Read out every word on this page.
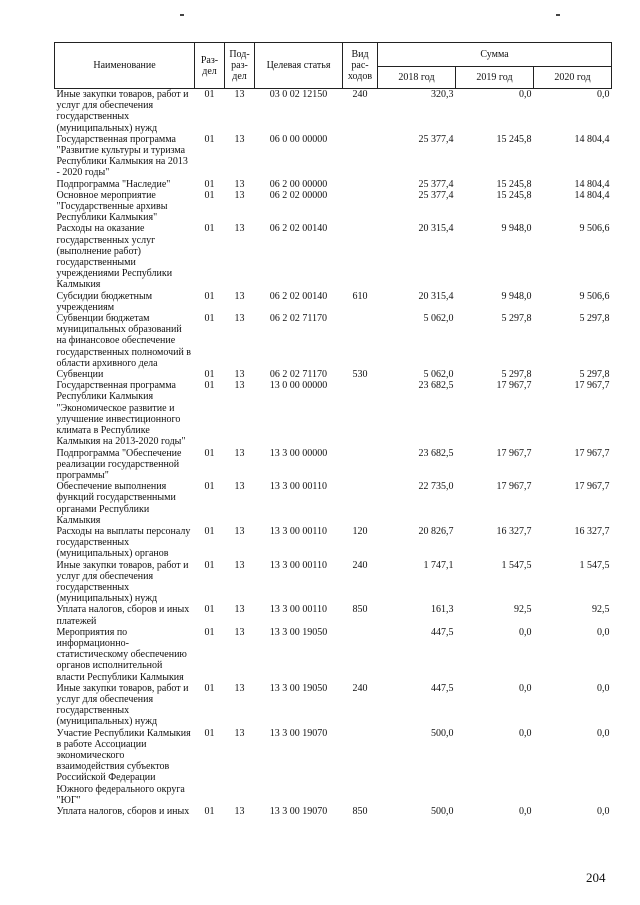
Наименование	Раз-дел	Под-раз-дел	Целевая статья	Вид рас-ходов	Сумма		
					2018 год	2019 год	2020 год
Иные закупки товаров, работ и услуг для обеспечения государственных (муниципальных) нужд	01	13	03 0 02 12150	240	320,3	0,0	0,0
Государственная программа "Развитие культуры и туризма Республики Калмыкия на 2013 - 2020 годы"	01	13	06 0 00 00000		25 377,4	15 245,8	14 804,4
Подпрограмма "Наследие"	01	13	06 2 00 00000		25 377,4	15 245,8	14 804,4
Основное мероприятие "Государственные архивы Республики Калмыкия"	01	13	06 2 02 00000		25 377,4	15 245,8	14 804,4
Расходы на оказание государственных услуг (выполнение работ) государственными учреждениями Республики Калмыкия	01	13	06 2 02 00140		20 315,4	9 948,0	9 506,6
Субсидии бюджетным учреждениям	01	13	06 2 02 00140	610	20 315,4	9 948,0	9 506,6
Субвенции бюджетам муниципальных образований на финансовое обеспечение государственных полномочий в области архивного дела	01	13	06 2 02 71170		5 062,0	5 297,8	5 297,8
Субвенции	01	13	06 2 02 71170	530	5 062,0	5 297,8	5 297,8
Государственная программа Республики Калмыкия "Экономическое развитие и улучшение инвестиционного климата в Республике Калмыкия на 2013-2020 годы"	01	13	13 0 00 00000		23 682,5	17 967,7	17 967,7
Подпрограмма "Обеспечение реализации государственной программы"	01	13	13 3 00 00000		23 682,5	17 967,7	17 967,7
Обеспечение выполнения функций государственными органами Республики Калмыкия	01	13	13 3 00 00110		22 735,0	17 967,7	17 967,7
Расходы на выплаты персоналу государственных (муниципальных) органов	01	13	13 3 00 00110	120	20 826,7	16 327,7	16 327,7
Иные закупки товаров, работ и услуг для обеспечения государственных (муниципальных) нужд	01	13	13 3 00 00110	240	1 747,1	1 547,5	1 547,5
Уплата налогов, сборов и иных платежей	01	13	13 3 00 00110	850	161,3	92,5	92,5
Мероприятия по информационно-статистическому обеспечению органов исполнительной власти Республики Калмыкия	01	13	13 3 00 19050		447,5	0,0	0,0
Иные закупки товаров, работ и услуг для обеспечения государственных (муниципальных) нужд	01	13	13 3 00 19050	240	447,5	0,0	0,0
Участие Республики Калмыкия в работе Ассоциации экономического взаимодействия субъектов Российской Федерации Южного федерального округа "ЮГ"	01	13	13 3 00 19070		500,0	0,0	0,0
Уплата налогов, сборов и иных	01	13	13 3 00 19070	850	500,0	0,0	0,0
204
